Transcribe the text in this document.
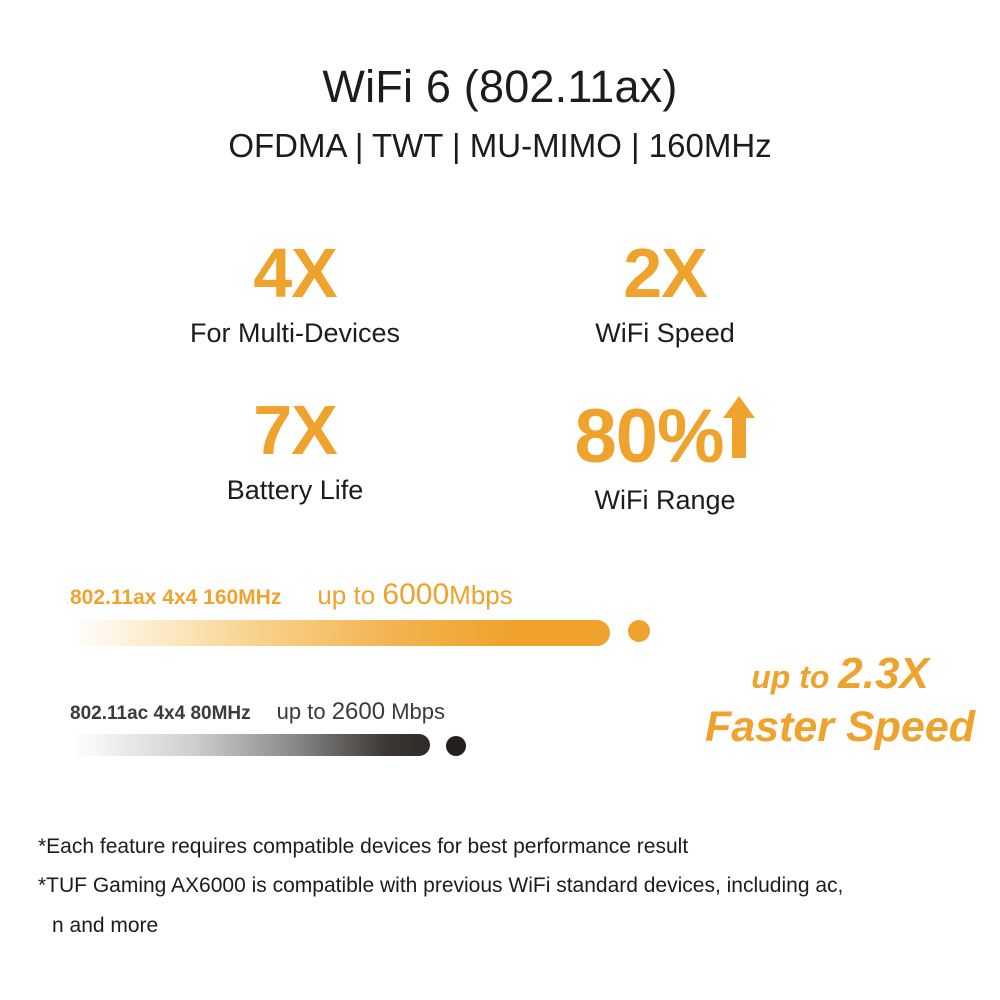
WiFi 6 (802.11ax)
OFDMA | TWT | MU-MIMO | 160MHz
4X
For Multi-Devices
2X
WiFi Speed
7X
Battery Life
80%
WiFi Range
802.11ax 4x4 160MHz up to 6000Mbps
802.11ac 4x4 80MHz up to 2600 Mbps
up to 2.3X
Faster Speed
*Each feature requires compatible devices for best performance result
*TUF Gaming AX6000 is compatible with previous WiFi standard devices, including ac,
n and more
